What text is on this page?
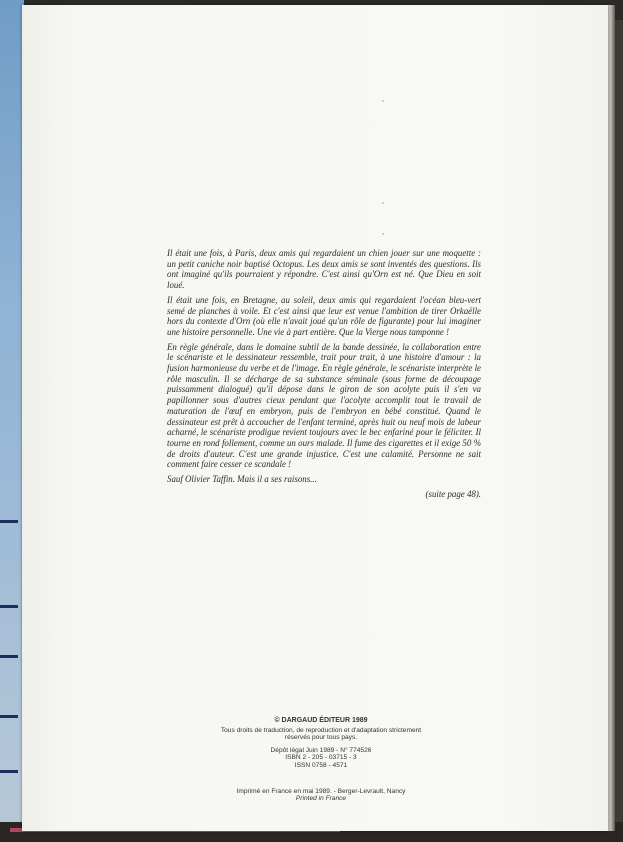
Il était une fois, à Paris, deux amis qui regardaient un chien jouer sur une moquette : un petit caniche noir baptisé Octopus. Les deux amis se sont inventés des questions. Ils ont imaginé qu'ils pourraient y répondre. C'est ainsi qu'Orn est né. Que Dieu en soit loué.

Il était une fois, en Bretagne, au soleil, deux amis qui regardaient l'océan bleu-vert semé de planches à voile. Et c'est ainsi que leur est venue l'ambition de tirer Orkaëlle hors du contexte d'Orn (où elle n'avait joué qu'un rôle de figurante) pour lui imaginer une histoire personnelle. Une vie à part entière. Que la Vierge nous tamponne !

En règle générale, dans le domaine subtil de la bande dessinée, la collaboration entre le scénariste et le dessinateur ressemble, trait pour trait, à une histoire d'amour : la fusion harmonieuse du verbe et de l'image. En règle générale, le scénariste interprète le rôle masculin. Il se décharge de sa substance séminale (sous forme de découpage puissamment dialogué) qu'il dépose dans le giron de son acolyte puis il s'en va papillonner sous d'autres cieux pendant que l'acolyte accomplit tout le travail de maturation de l'œuf en embryon, puis de l'embryon en bébé constitué. Quand le dessinateur est prêt à accoucher de l'enfant terminé, après huit ou neuf mois de labeur acharné, le scénariste prodigue revient toujours avec le bec enfariné pour le féliciter. Il tourne en rond follement, comme un ours malade. Il fume des cigarettes et il exige 50 % de droits d'auteur. C'est une grande injustice. C'est une calamité. Personne ne sait comment faire cesser ce scandale !

Sauf Olivier Taffin. Mais il a ses raisons...

(suite page 48).
© DARGAUD ÉDITEUR 1989
Tous droits de traduction, de reproduction et d'adaptation strictement
réservés pour tous pays.
Dépôt légal Juin 1989 - N° 774526
ISBN 2 - 205 - 03715 - 3
ISSN 0758 - 4571
Imprimé en France en mai 1989. - Berger-Levrault, Nancy
Printed in France
